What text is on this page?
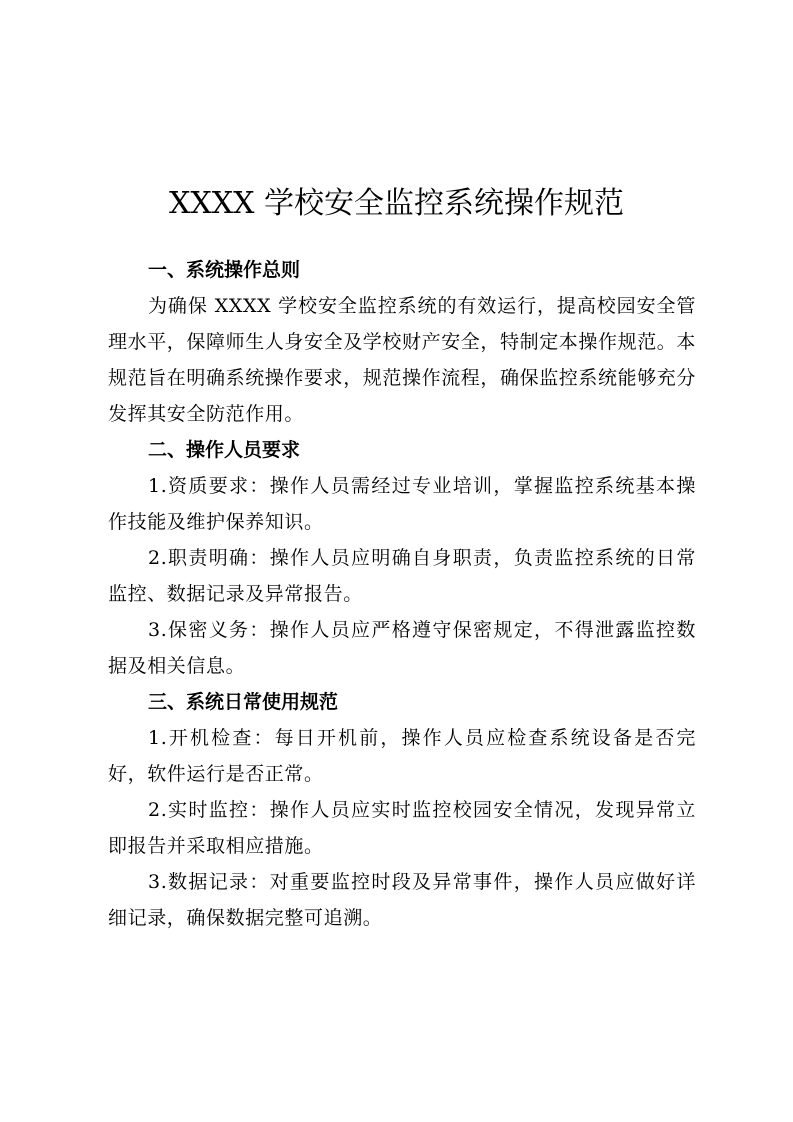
XXXX 学校安全监控系统操作规范
一、系统操作总则

为确保 XXXX 学校安全监控系统的有效运行，提高校园安全管理水平，保障师生人身安全及学校财产安全，特制定本操作规范。本规范旨在明确系统操作要求，规范操作流程，确保监控系统能够充分发挥其安全防范作用。

二、操作人员要求

1.资质要求：操作人员需经过专业培训，掌握监控系统基本操作技能及维护保养知识。

2.职责明确：操作人员应明确自身职责，负责监控系统的日常监控、数据记录及异常报告。

3.保密义务：操作人员应严格遵守保密规定，不得泄露监控数据及相关信息。

三、系统日常使用规范

1.开机检查：每日开机前，操作人员应检查系统设备是否完好，软件运行是否正常。

2.实时监控：操作人员应实时监控校园安全情况，发现异常立即报告并采取相应措施。

3.数据记录：对重要监控时段及异常事件，操作人员应做好详细记录，确保数据完整可追溯。
